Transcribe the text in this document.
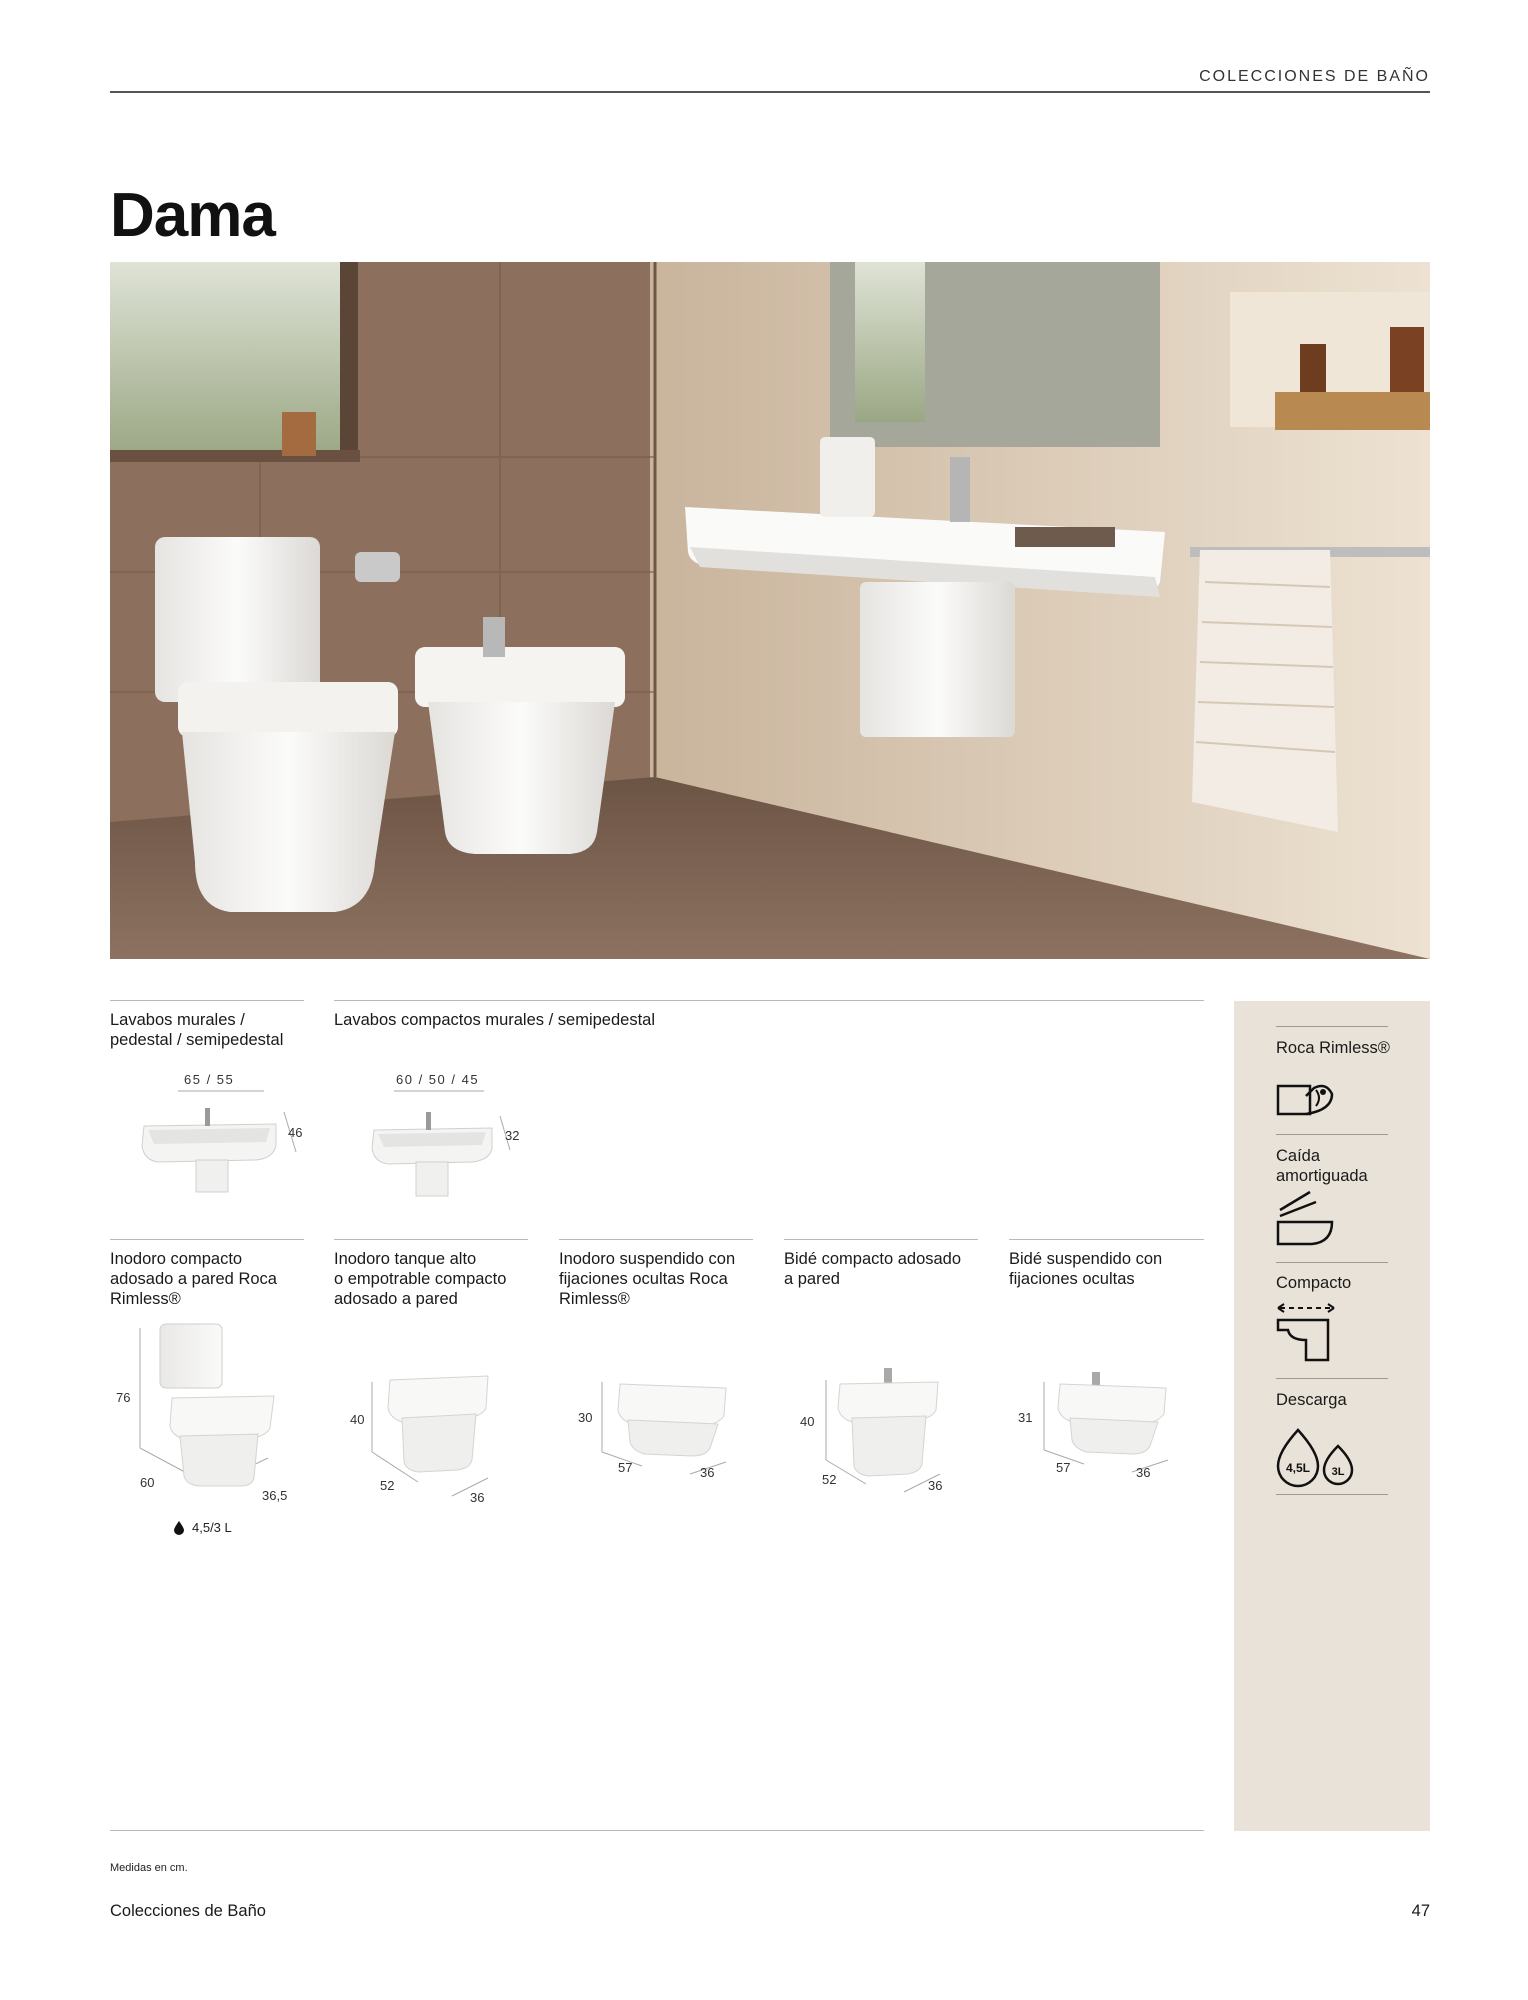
COLECCIONES DE BAÑO
Dama
Lavabos murales /
pedestal / semipedestal
Lavabos compactos murales / semipedestal
65 / 55
46
60 / 50 / 45
32
Inodoro compacto
adosado a pared Roca
Rimless®
Inodoro tanque alto
o empotrable compacto
adosado a pared
Inodoro suspendido con
fijaciones ocultas Roca
Rimless®
Bidé compacto adosado
a pared
Bidé suspendido con
fijaciones ocultas
76
60
36,5
4,5/3 L
40
52
36
30
57	36
40
52	36
31
57	36
Roca Rimless®
Caída
amortiguada
Compacto
Descarga
4,5L 3L
Medidas en cm.
Colecciones de Baño	47
